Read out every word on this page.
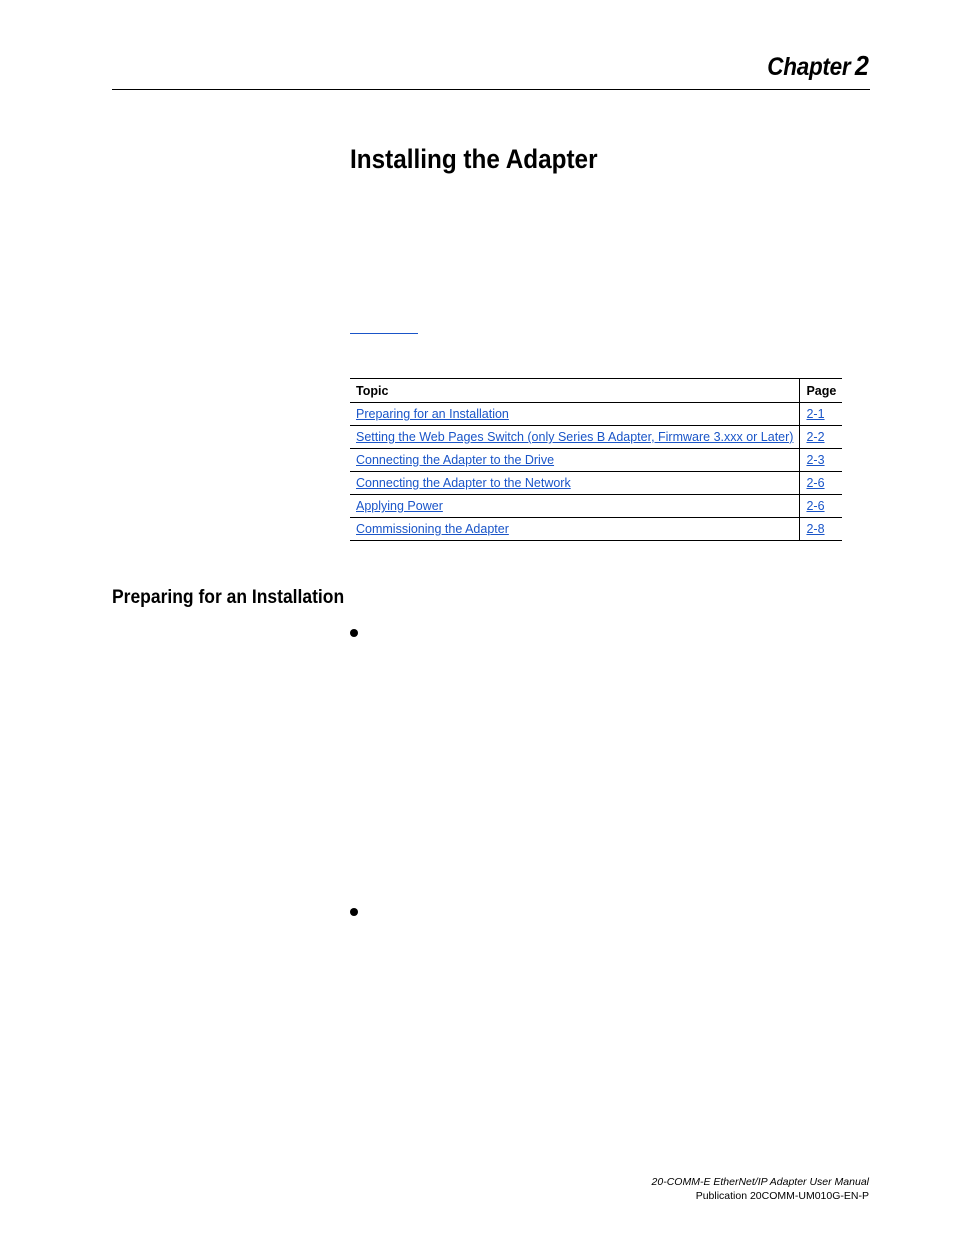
Chapter 2
Installing the Adapter
Topic	Page
Preparing for an Installation	2-1
Setting the Web Pages Switch (only Series B Adapter, Firmware 3.xxx or Later)	2-2
Connecting the Adapter to the Drive	2-3
Connecting the Adapter to the Network	2-6
Applying Power	2-6
Commissioning the Adapter	2-8
Preparing for an Installation
20-COMM-E EtherNet/IP Adapter User Manual
Publication 20COMM-UM010G-EN-P
